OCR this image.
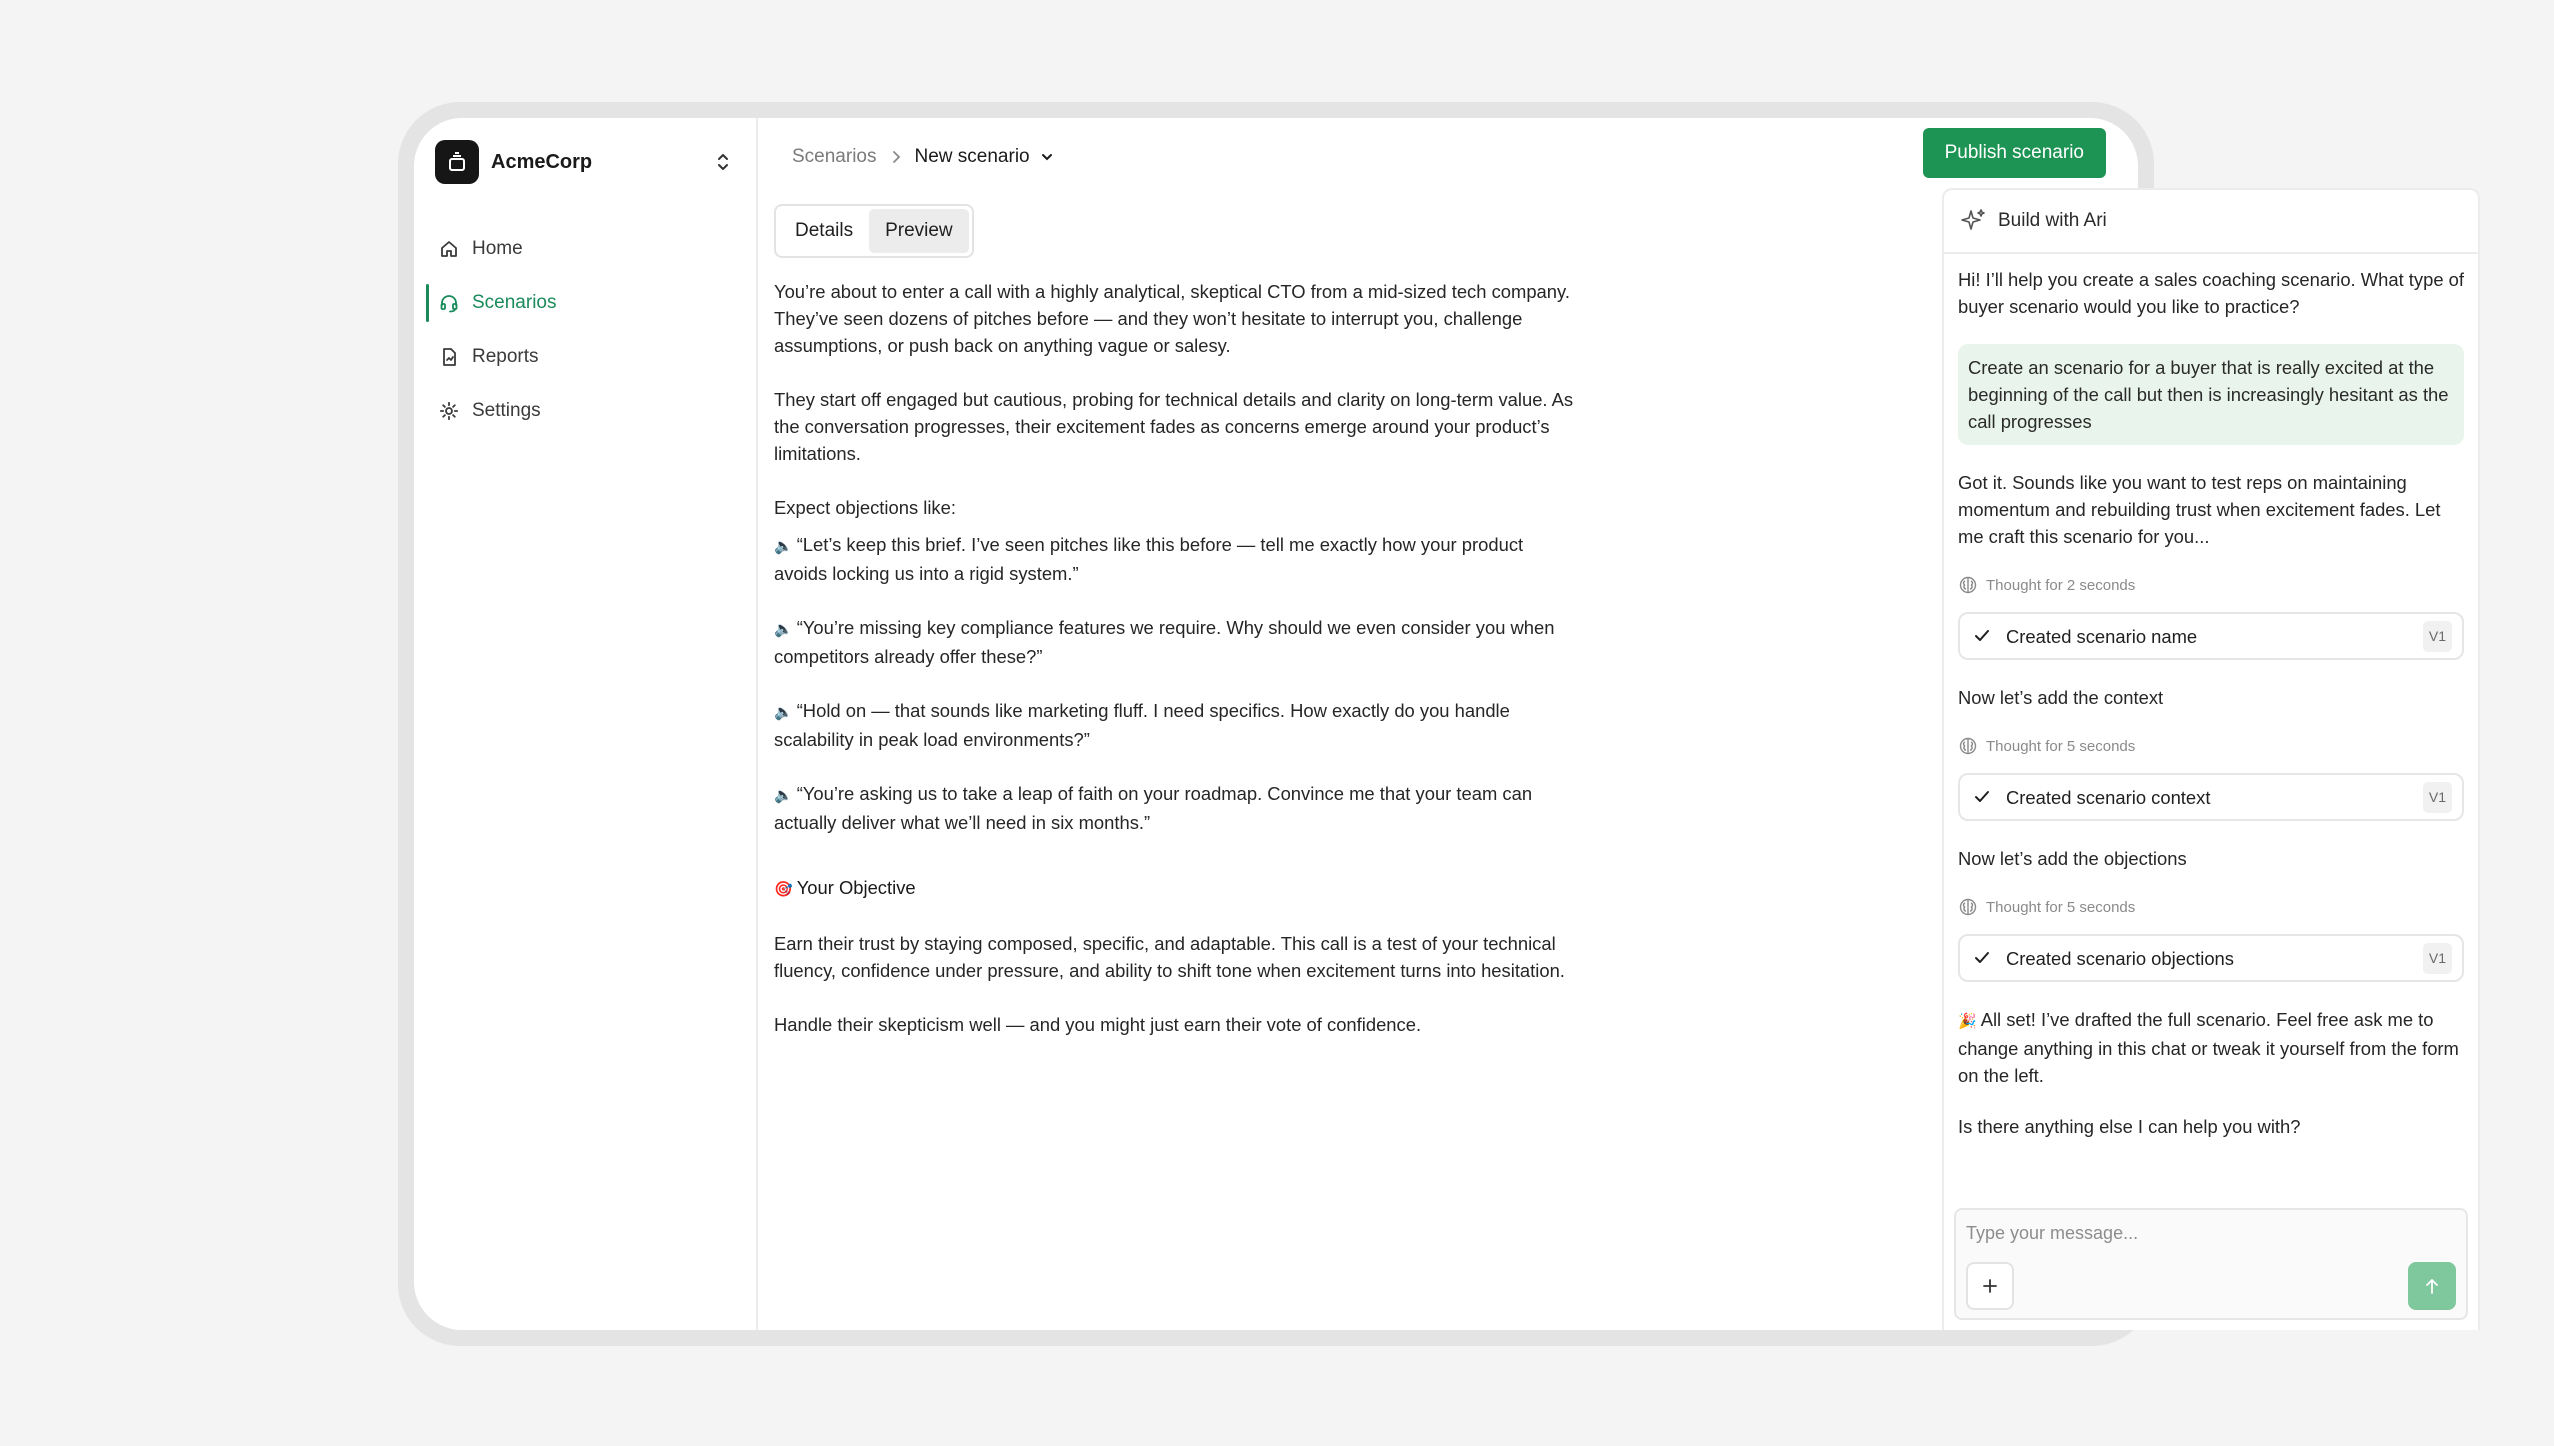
AcmeCorp
Home
Scenarios
Reports
Settings
Scenarios New scenario	Publish scenario
Details	Preview

You’re about to enter a call with a highly analytical, skeptical CTO from a mid-sized tech company. They’ve seen dozens of pitches before — and they won’t hesitate to interrupt you, challenge assumptions, or push back on anything vague or salesy.

They start off engaged but cautious, probing for technical details and clarity on long-term value. As the conversation progresses, their excitement fades as concerns emerge around your product’s limitations.

Expect objections like:

🔈 “Let’s keep this brief. I’ve seen pitches like this before — tell me exactly how your product avoids locking us into a rigid system.”

🔈 “You’re missing key compliance features we require. Why should we even consider you when competitors already offer these?”

🔈 “Hold on — that sounds like marketing fluff. I need specifics. How exactly do you handle scalability in peak load environments?”

🔈 “You’re asking us to take a leap of faith on your roadmap. Convince me that your team can actually deliver what we’ll need in six months.”

🎯 Your Objective

Earn their trust by staying composed, specific, and adaptable. This call is a test of your technical fluency, confidence under pressure, and ability to shift tone when excitement turns into hesitation.

Handle their skepticism well — and you might just earn their vote of confidence.

Build with Ari
Hi! I’ll help you create a sales coaching scenario. What type of buyer scenario would you like to practice?
Create an scenario for a buyer that is really excited at the beginning of the call but then is increasingly hesitant as the call progresses
Got it. Sounds like you want to test reps on maintaining momentum and rebuilding trust when excitement fades. Let me craft this scenario for you...
Thought for 2 seconds
Created scenario name	V1
Now let’s add the context
Thought for 5 seconds
Created scenario context	V1
Now let’s add the objections
Thought for 5 seconds
Created scenario objections	V1
🎉 All set! I’ve drafted the full scenario. Feel free ask me to change anything in this chat or tweak it yourself from the form on the left.
Is there anything else I can help you with?
Type your message...
